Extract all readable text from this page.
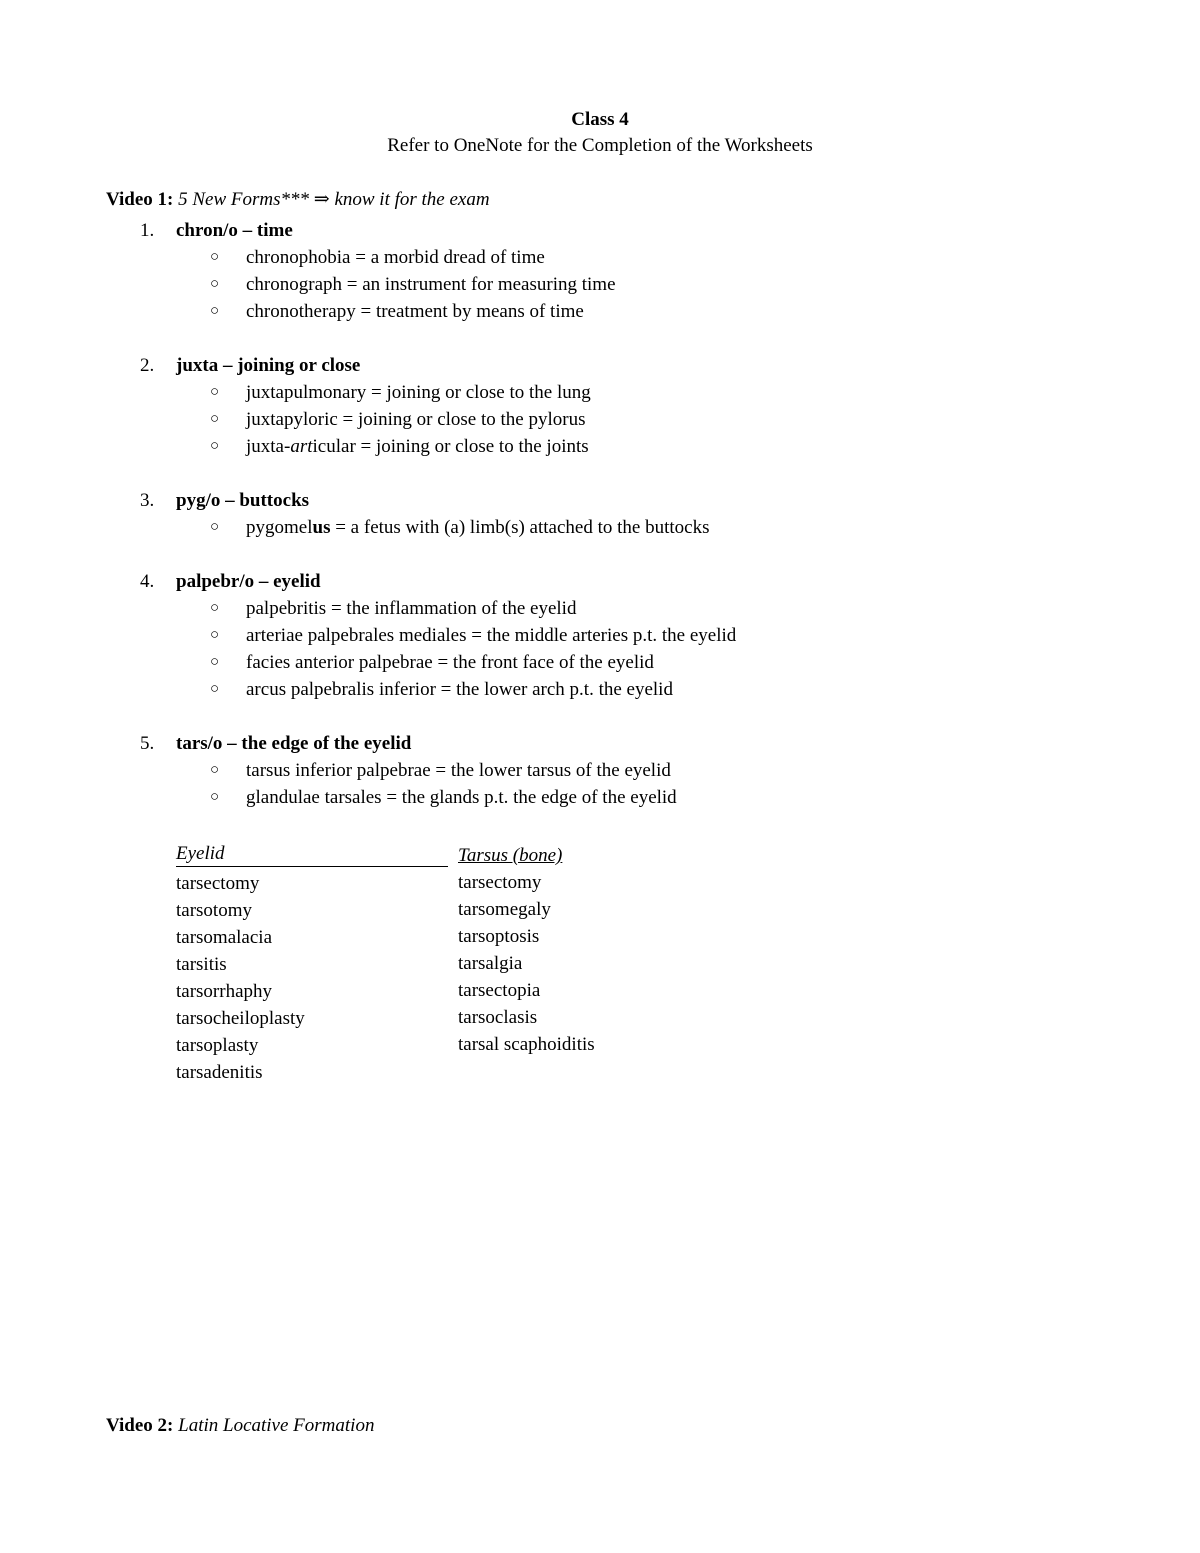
Class 4
Refer to OneNote for the Completion of the Worksheets
Video 1: 5 New Forms*** ⇒ know it for the exam
1. chron/o – time
○ chronophobia = a morbid dread of time
○ chronograph = an instrument for measuring time
○ chronotherapy = treatment by means of time
2. juxta – joining or close
○ juxtapulmonary = joining or close to the lung
○ juxtapyloric = joining or close to the pylorus
○ juxta-articular = joining or close to the joints
3. pyg/o – buttocks
○ pygomelus = a fetus with (a) limb(s) attached to the buttocks
4. palpebr/o – eyelid
○ palpebritis = the inflammation of the eyelid
○ arteriae palpebrales mediales = the middle arteries p.t. the eyelid
○ facies anterior palpebrae = the front face of the eyelid
○ arcus palpebralis inferior = the lower arch p.t. the eyelid
5. tars/o – the edge of the eyelid
○ tarsus inferior palpebrae = the lower tarsus of the eyelid
○ glandulae tarsales = the glands p.t. the edge of the eyelid
Eyelid
tarsectomy
tarsotomy
tarsomalacia
tarsitis
tarsorrhaphy
tarsocheiloplasty
tarsoplasty
tarsadenitis
Tarsus (bone)
tarsectomy
tarsomegaly
tarsoptosis
tarsalgia
tarsectopia
tarsoclasis
tarsal scaphoiditis
Video 2: Latin Locative Formation
